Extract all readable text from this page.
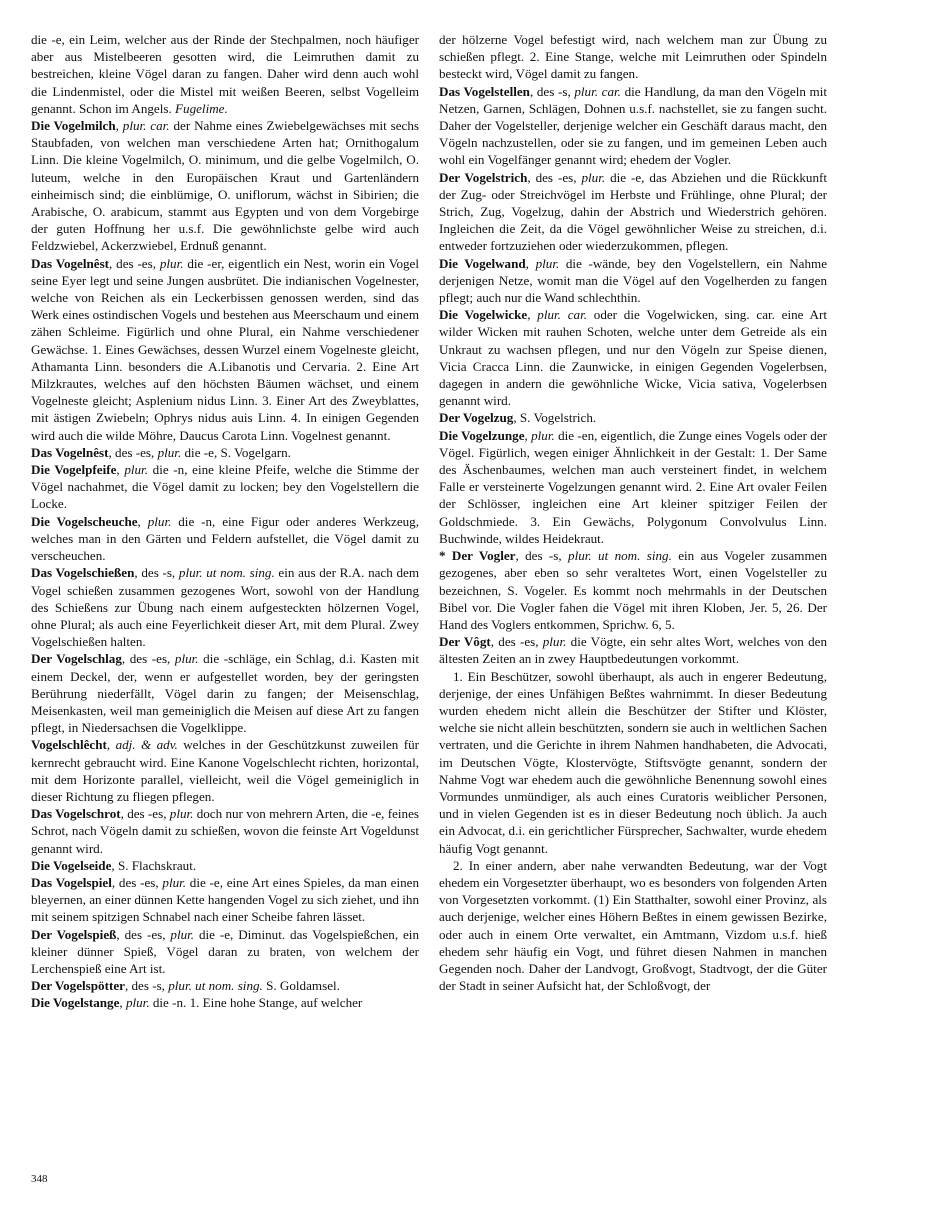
die -e, ein Leim, welcher aus der Rinde der Stechpalmen, noch häufiger aber aus Mistelbeeren gesotten wird, die Leimruthen damit zu bestreichen, kleine Vögel daran zu fangen. Daher wird denn auch wohl die Lindenmistel, oder die Mistel mit weißen Beeren, selbst Vogelleim genannt. Schon im Angels. Fugelime.

Die Vogelmilch, plur. car. der Nahme eines Zwiebelgewächses mit sechs Staubfaden, von welchen man verschiedene Arten hat; Ornithogalum Linn. Die kleine Vogelmilch, O. minimum, und die gelbe Vogelmilch, O. luteum, welche in den Europäischen Kraut und Gartenländern einheimisch sind; die einblümige, O. uniflorum, wächst in Sibirien; die Arabische, O. arabicum, stammt aus Egypten und von dem Vorgebirge der guten Hoffnung her u.s.f. Die gewöhnlichste gelbe wird auch Feldzwiebel, Ackerzwiebel, Erdnuß genannt.

Das Vogelnêst, des -es, plur. die -er, eigentlich ein Nest, worin ein Vogel seine Eyer legt und seine Jungen ausbrütet. Die indianischen Vogelnester, welche von Reichen als ein Leckerbissen genossen werden, sind das Werk eines ostindischen Vogels und bestehen aus Meerschaum und einem zähen Schleime. Figürlich und ohne Plural, ein Nahme verschiedener Gewächse. 1. Eines Gewächses, dessen Wurzel einem Vogelneste gleicht, Athamanta Linn. besonders die A.Libanotis und Cervaria. 2. Eine Art Milzkrautes, welches auf den höchsten Bäumen wächset, und einem Vogelneste gleicht; Asplenium nidus Linn. 3. Einer Art des Zweyblattes, mit ästigen Zwiebeln; Ophrys nidus auis Linn. 4. In einigen Gegenden wird auch die wilde Möhre, Daucus Carota Linn. Vogelnest genannt.

Das Vogelnêst, des -es, plur. die -e, S. Vogelgarn.

Die Vogelpfeife, plur. die -n, eine kleine Pfeife, welche die Stimme der Vögel nachahmet, die Vögel damit zu locken; bey den Vogelstellern die Locke.

Die Vogelscheuche, plur. die -n, eine Figur oder anderes Werkzeug, welches man in den Gärten und Feldern aufstellet, die Vögel damit zu verscheuchen.

Das Vogelschießen, des -s, plur. ut nom. sing. ein aus der R.A. nach dem Vogel schießen zusammen gezogenes Wort, sowohl von der Handlung des Schießens zur Übung nach einem aufgesteckten hölzernen Vogel, ohne Plural; als auch eine Feyerlichkeit dieser Art, mit dem Plural. Zwey Vogelschießen halten.

Der Vogelschlag, des -es, plur. die -schläge, ein Schlag, d.i. Kasten mit einem Deckel, der, wenn er aufgestellet worden, bey der geringsten Berührung niederfällt, Vögel darin zu fangen; der Meisenschlag, Meisenkasten, weil man gemeiniglich die Meisen auf diese Art zu fangen pflegt, in Niedersachsen die Vogelklippe.

Vogelschlêcht, adj. & adv. welches in der Geschützkunst zuweilen für kernrecht gebraucht wird. Eine Kanone Vogelschlecht richten, horizontal, mit dem Horizonte parallel, vielleicht, weil die Vögel gemeiniglich in dieser Richtung zu fliegen pflegen.

Das Vogelschrot, des -es, plur. doch nur von mehrern Arten, die -e, feines Schrot, nach Vögeln damit zu schießen, wovon die feinste Art Vogeldunst genannt wird.

Die Vogelseide, S. Flachskraut.

Das Vogelspiel, des -es, plur. die -e, eine Art eines Spieles, da man einen bleyernen, an einer dünnen Kette hangenden Vogel zu sich ziehet, und ihn mit seinem spitzigen Schnabel nach einer Scheibe fahren lässet.

Der Vogelspieß, des -es, plur. die -e, Diminut. das Vogelspießchen, ein kleiner dünner Spieß, Vögel daran zu braten, von welchem der Lerchenspieß eine Art ist.

Der Vogelspötter, des -s, plur. ut nom. sing. S. Goldamsel.

Die Vogelstange, plur. die -n. 1. Eine hohe Stange, auf welcher

der hölzerne Vogel befestigt wird, nach welchem man zur Übung zu schießen pflegt. 2. Eine Stange, welche mit Leimruthen oder Spindeln besteckt wird, Vögel damit zu fangen.

Das Vogelstellen, des -s, plur. car. die Handlung, da man den Vögeln mit Netzen, Garnen, Schlägen, Dohnen u.s.f. nachstellet, sie zu fangen sucht. Daher der Vogelsteller, derjenige welcher ein Geschäft daraus macht, den Vögeln nachzustellen, oder sie zu fangen, und im gemeinen Leben auch wohl ein Vogelfänger genannt wird; ehedem der Vogler.

Der Vogelstrich, des -es, plur. die -e, das Abziehen und die Rückkunft der Zug- oder Streichvögel im Herbste und Frühlinge, ohne Plural; der Strich, Zug, Vogelzug, dahin der Abstrich und Wiederstrich gehören. Ingleichen die Zeit, da die Vögel gewöhnlicher Weise zu streichen, d.i. entweder fortzuziehen oder wiederzukommen, pflegen.

Die Vogelwand, plur. die -wände, bey den Vogelstellern, ein Nahme derjenigen Netze, womit man die Vögel auf den Vogelherden zu fangen pflegt; auch nur die Wand schlechthin.

Die Vogelwicke, plur. car. oder die Vogelwicken, sing. car. eine Art wilder Wicken mit rauhen Schoten, welche unter dem Getreide als ein Unkraut zu wachsen pflegen, und nur den Vögeln zur Speise dienen, Vicia Cracca Linn. die Zaunwicke, in einigen Gegenden Vogelerbsen, dagegen in andern die gewöhnliche Wicke, Vicia sativa, Vogelerbsen genannt wird.

Der Vogelzug, S. Vogelstrich.

Die Vogelzunge, plur. die -en, eigentlich, die Zunge eines Vogels oder der Vögel. Figürlich, wegen einiger Ähnlichkeit in der Gestalt: 1. Der Same des Äschenbaumes, welchen man auch versteinert findet, in welchem Falle er versteinerte Vogelzungen genannt wird. 2. Eine Art ovaler Feilen der Schlösser, ingleichen eine Art kleiner spitziger Feilen der Goldschmiede. 3. Ein Gewächs, Polygonum Convolvulus Linn. Buchwinde, wildes Heidekraut.

* Der Vogler, des -s, plur. ut nom. sing. ein aus Vogeler zusammen gezogenes, aber eben so sehr veraltetes Wort, einen Vogelsteller zu bezeichnen, S. Vogeler. Es kommt noch mehrmahls in der Deutschen Bibel vor. Die Vogler fahen die Vögel mit ihren Kloben, Jer. 5, 26. Der Hand des Voglers entkommen, Sprichw. 6, 5.

Der Vôgt, des -es, plur. die Vögte, ein sehr altes Wort, welches von den ältesten Zeiten an in zwey Hauptbedeutungen vorkommt.

1. Ein Beschützer, sowohl überhaupt, als auch in engerer Bedeutung, derjenige, der eines Unfähigen Beßtes wahrnimmt. In dieser Bedeutung wurden ehedem nicht allein die Beschützer der Stifter und Klöster, welche sie nicht allein beschützten, sondern sie auch in weltlichen Sachen vertraten, und die Gerichte in ihrem Nahmen handhabeten, die Advocati, im Deutschen Vögte, Klostervögte, Stiftsvögte genannt, sondern der Nahme Vogt war ehedem auch die gewöhnliche Benennung sowohl eines Vormundes unmündiger, als auch eines Curatoris weiblicher Personen, und in vielen Gegenden ist es in dieser Bedeutung noch üblich. Ja auch ein Advocat, d.i. ein gerichtlicher Fürsprecher, Sachwalter, wurde ehedem häufig Vogt genannt.

2. In einer andern, aber nahe verwandten Bedeutung, war der Vogt ehedem ein Vorgesetzter überhaupt, wo es besonders von folgenden Arten von Vorgesetzten vorkommt. (1) Ein Statthalter, sowohl einer Provinz, als auch derjenige, welcher eines Höhern Beßtes in einem gewissen Bezirke, oder auch in einem Orte verwaltet, ein Amtmann, Vizdom u.s.f. hieß ehedem sehr häufig ein Vogt, und führet diesen Nahmen in manchen Gegenden noch. Daher der Landvogt, Großvogt, Stadtvogt, der die Güter der Stadt in seiner Aufsicht hat, der Schloßvogt, der

348
